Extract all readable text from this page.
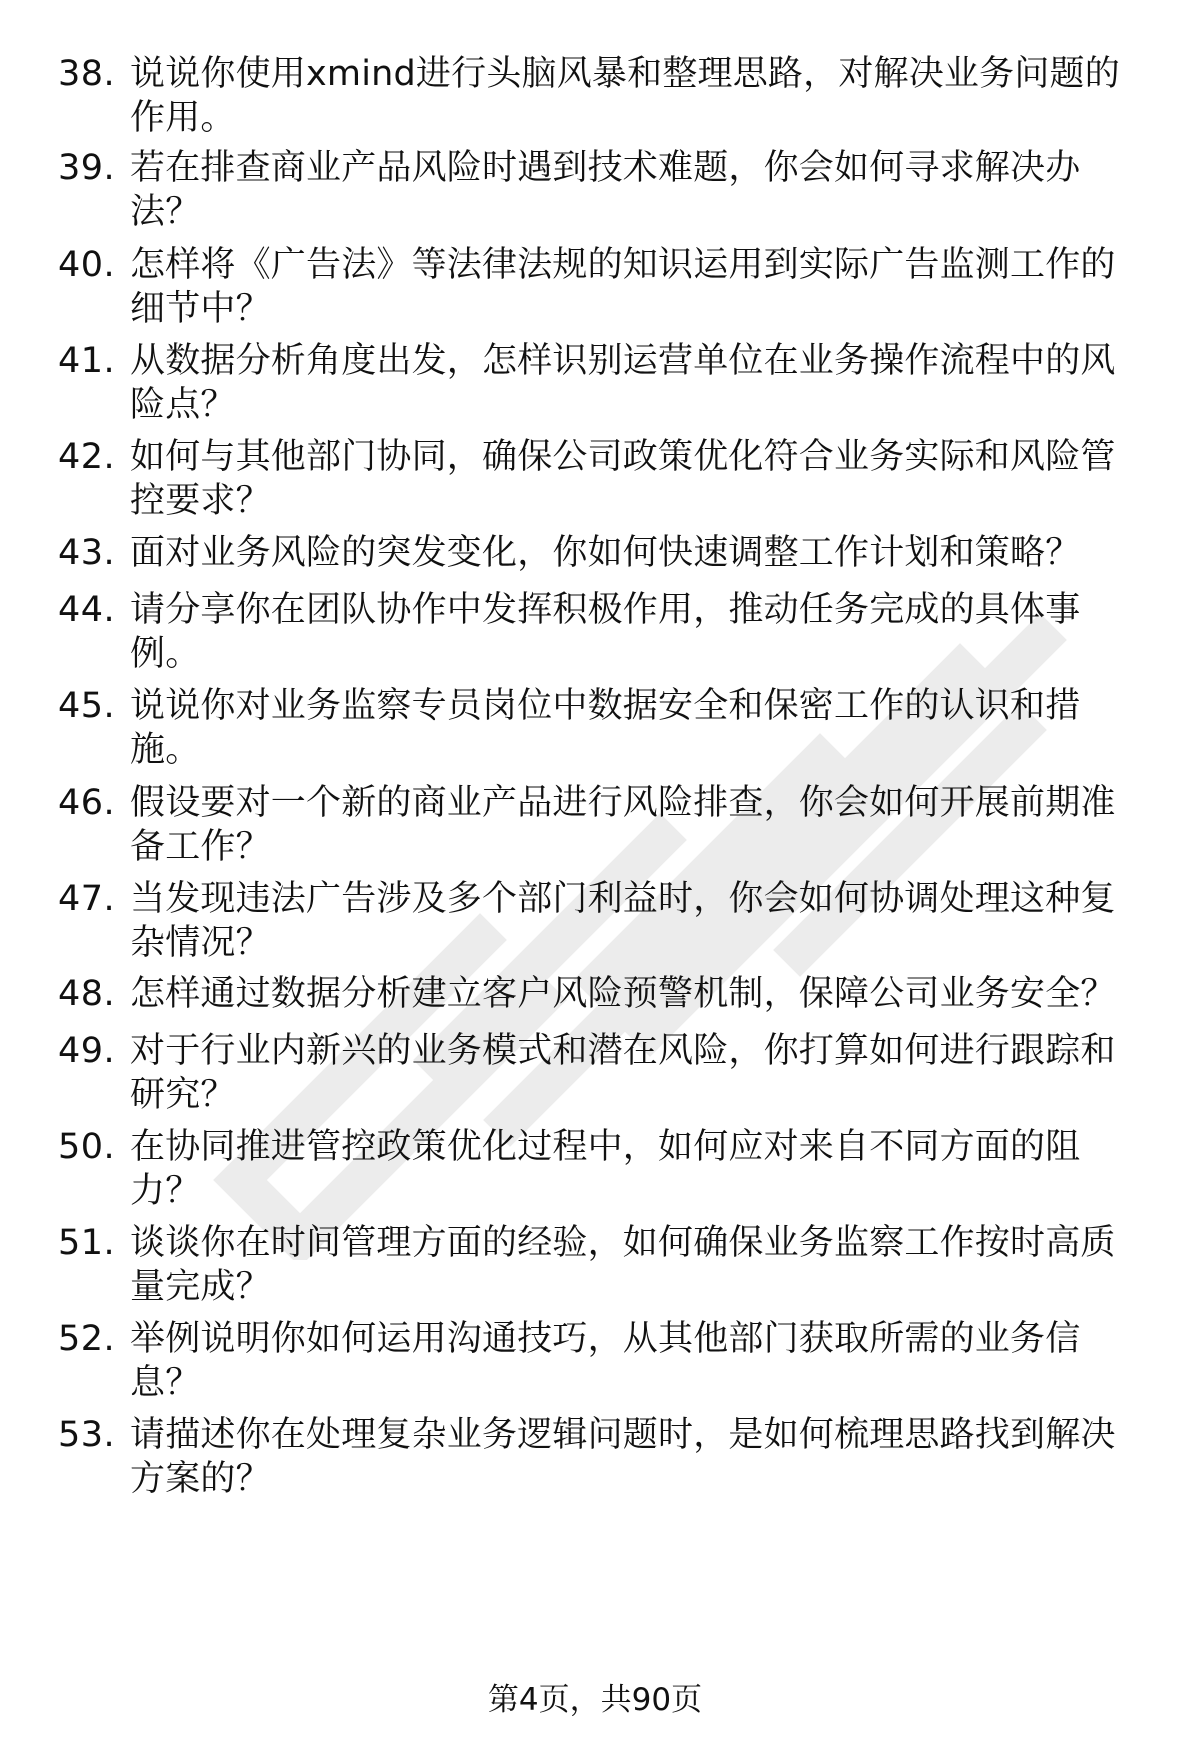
38. 说说你使用xmind进行头脑风暴和整理思路，对解决业务问题的
作用。
39. 若在排查商业产品风险时遇到技术难题，你会如何寻求解决办
法？
40. 怎样将《广告法》等法律法规的知识运用到实际广告监测工作的
细节中？
41. 从数据分析角度出发，怎样识别运营单位在业务操作流程中的风
险点？
42. 如何与其他部门协同，确保公司政策优化符合业务实际和风险管
控要求？
43. 面对业务风险的突发变化，你如何快速调整工作计划和策略？
44. 请分享你在团队协作中发挥积极作用，推动任务完成的具体事
例。
45. 说说你对业务监察专员岗位中数据安全和保密工作的认识和措
施。
46. 假设要对一个新的商业产品进行风险排查，你会如何开展前期准
备工作？
47. 当发现违法广告涉及多个部门利益时，你会如何协调处理这种复
杂情况？
48. 怎样通过数据分析建立客户风险预警机制，保障公司业务安全？
49. 对于行业内新兴的业务模式和潜在风险，你打算如何进行跟踪和
研究？
50. 在协同推进管控政策优化过程中，如何应对来自不同方面的阻
力？
51. 谈谈你在时间管理方面的经验，如何确保业务监察工作按时高质
量完成？
52. 举例说明你如何运用沟通技巧，从其他部门获取所需的业务信
息？
53. 请描述你在处理复杂业务逻辑问题时，是如何梳理思路找到解决
方案的？
第4页，共90页
